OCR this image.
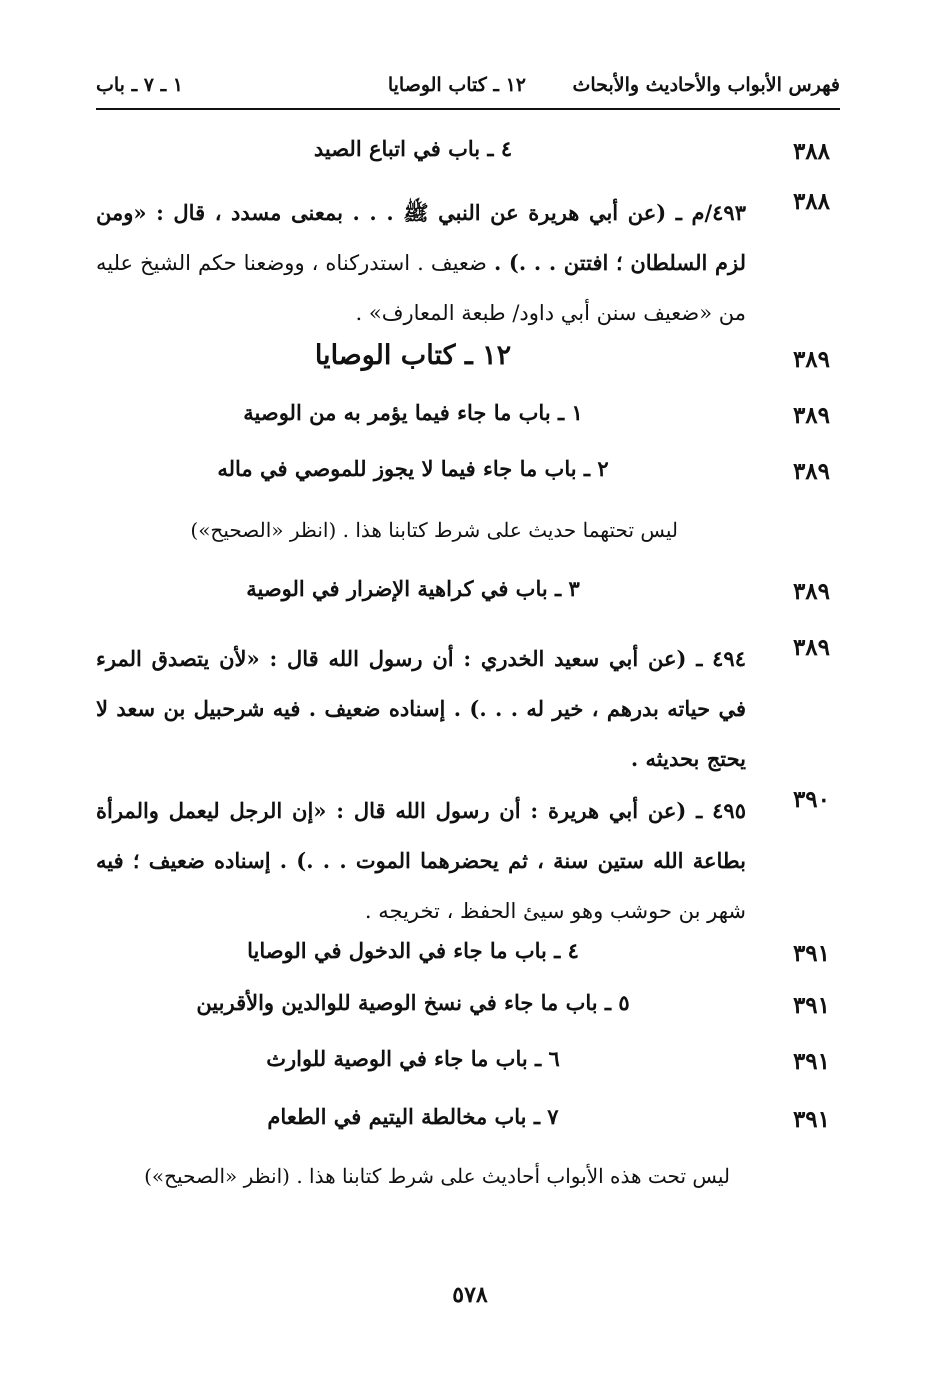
فهرس الأبواب والأحاديث والأبحاث
١٢ ـ كتاب الوصايا
١ ـ ٧ ـ باب
٣٨٨
٤ ـ باب في اتباع الصيد
٣٨٨
٤٩٣/م ـ (عن أبي هريرة عن النبي ﷺ . . . بمعنى مسدد ، قال : «ومن لزم السلطان ؛ افتتن . . .) . ضعيف . استدركناه ، ووضعنا حكم الشيخ عليه من «ضعيف سنن أبي داود/ طبعة المعارف» .
٣٨٩
١٢ ـ كتاب الوصايا
٣٨٩
١ ـ باب ما جاء فيما يؤمر به من الوصية
٣٨٩
٢ ـ باب ما جاء فيما لا يجوز للموصي في ماله
ليس تحتهما حديث على شرط كتابنا هذا . (انظر «الصحيح»)
٣٨٩
٣ ـ باب في كراهية الإضرار في الوصية
٣٨٩
٤٩٤ ـ (عن أبي سعيد الخدري : أن رسول الله قال : «لأن يتصدق المرء في حياته بدرهم ، خير له . . .) . إسناده ضعيف . فيه شرحبيل بن سعد لا يحتج بحديثه .
٣٩٠
٤٩٥ ـ (عن أبي هريرة : أن رسول الله قال : «إن الرجل ليعمل والمرأة بطاعة الله ستين سنة ، ثم يحضرهما الموت . . .) . إسناده ضعيف ؛ فيه شهر بن حوشب وهو سيئ الحفظ ، تخريجه .
٣٩١
٤ ـ باب ما جاء في الدخول في الوصايا
٣٩١
٥ ـ باب ما جاء في نسخ الوصية للوالدين والأقربين
٣٩١
٦ ـ باب ما جاء في الوصية للوارث
٣٩١
٧ ـ باب مخالطة اليتيم في الطعام
ليس تحت هذه الأبواب أحاديث على شرط كتابنا هذا . (انظر «الصحيح»)
٥٧٨
